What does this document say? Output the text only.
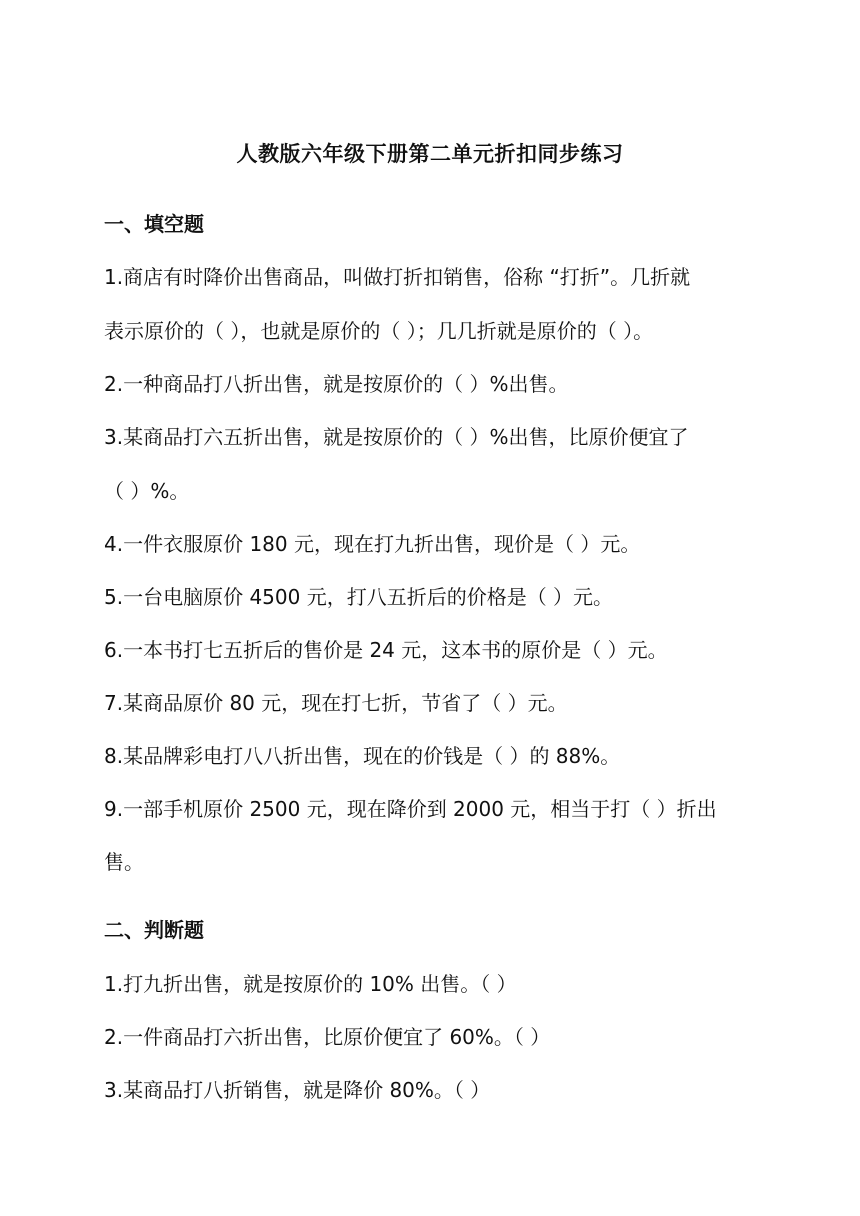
人教版六年级下册第二单元折扣同步练习
一、填空题
1.商店有时降价出售商品，叫做打折扣销售，俗称 “打折”。几折就
表示原价的（ ），也就是原价的（ ）；几几折就是原价的（ ）。
2.一种商品打八折出售，就是按原价的（ ）%出售。
3.某商品打六五折出售，就是按原价的（ ）%出售，比原价便宜了
（ ）%。
4.一件衣服原价 180 元，现在打九折出售，现价是（ ）元。
5.一台电脑原价 4500 元，打八五折后的价格是（ ）元。
6.一本书打七五折后的售价是 24 元，这本书的原价是（ ）元。
7.某商品原价 80 元，现在打七折，节省了（ ）元。
8.某品牌彩电打八八折出售，现在的价钱是（ ）的 88%。
9.一部手机原价 2500 元，现在降价到 2000 元，相当于打（ ）折出
售。
二、判断题
1.打九折出售，就是按原价的 10% 出售。（ ）
2.一件商品打六折出售，比原价便宜了 60%。（ ）
3.某商品打八折销售，就是降价 80%。（ ）
